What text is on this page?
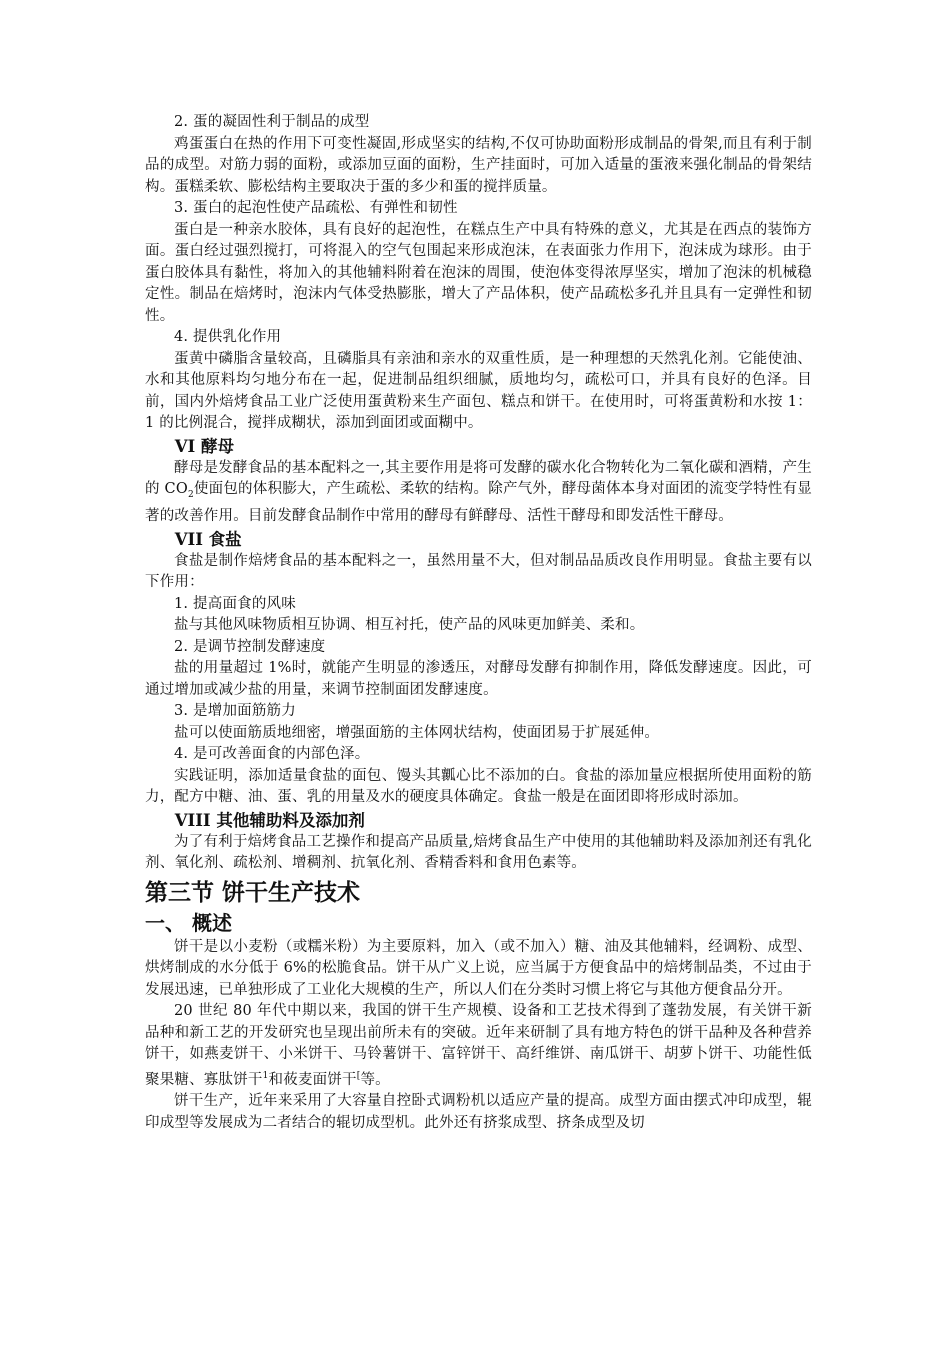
2. 蛋的凝固性利于制品的成型

鸡蛋蛋白在热的作用下可变性凝固,形成坚实的结构,不仅可协助面粉形成制品的骨架,而且有利于制品的成型。对筋力弱的面粉，或添加豆面的面粉，生产挂面时，可加入适量的蛋液来强化制品的骨架结构。蛋糕柔软、膨松结构主要取决于蛋的多少和蛋的搅拌质量。

3. 蛋白的起泡性使产品疏松、有弹性和韧性

蛋白是一种亲水胶体，具有良好的起泡性，在糕点生产中具有特殊的意义，尤其是在西点的装饰方面。蛋白经过强烈搅打，可将混入的空气包围起来形成泡沫，在表面张力作用下，泡沫成为球形。由于蛋白胶体具有黏性，将加入的其他辅料附着在泡沫的周围，使泡体变得浓厚坚实，增加了泡沫的机械稳定性。制品在焙烤时，泡沫内气体受热膨胀，增大了产品体积，使产品疏松多孔并且具有一定弹性和韧性。

4. 提供乳化作用

蛋黄中磷脂含量较高，且磷脂具有亲油和亲水的双重性质，是一种理想的天然乳化剂。它能使油、水和其他原料均匀地分布在一起，促进制品组织细腻，质地均匀，疏松可口，并具有良好的色泽。目前，国内外焙烤食品工业广泛使用蛋黄粉来生产面包、糕点和饼干。在使用时，可将蛋黄粉和水按 1：1 的比例混合，搅拌成糊状，添加到面团或面糊中。

VI 酵母

酵母是发酵食品的基本配料之一,其主要作用是将可发酵的碳水化合物转化为二氧化碳和酒精，产生的 $CO_2$使面包的体积膨大，产生疏松、柔软的结构。除产气外，酵母菌体本身对面团的流变学特性有显著的改善作用。目前发酵食品制作中常用的酵母有鲜酵母、活性干酵母和即发活性干酵母。

VII 食盐

食盐是制作焙烤食品的基本配料之一，虽然用量不大，但对制品品质改良作用明显。食盐主要有以下作用：

1. 提高面食的风味

盐与其他风味物质相互协调、相互衬托，使产品的风味更加鲜美、柔和。

2. 是调节控制发酵速度

盐的用量超过 1%时，就能产生明显的渗透压，对酵母发酵有抑制作用，降低发酵速度。因此，可通过增加或减少盐的用量，来调节控制面团发酵速度。

3. 是增加面筋筋力

盐可以使面筋质地细密，增强面筋的主体网状结构，使面团易于扩展延伸。

4. 是可改善面食的内部色泽。

实践证明，添加适量食盐的面包、馒头其瓤心比不添加的白。食盐的添加量应根据所使用面粉的筋力，配方中糖、油、蛋、乳的用量及水的硬度具体确定。食盐一般是在面团即将形成时添加。

VIII 其他辅助料及添加剂

为了有利于焙烤食品工艺操作和提高产品质量,焙烤食品生产中使用的其他辅助料及添加剂还有乳化剂、氧化剂、疏松剂、增稠剂、抗氧化剂、香精香料和食用色素等。

第三节 饼干生产技术

一、 概述

饼干是以小麦粉（或糯米粉）为主要原料，加入（或不加入）糖、油及其他辅料，经调粉、成型、烘烤制成的水分低于 6%的松脆食品。饼干从广义上说，应当属于方便食品中的焙烤制品类，不过由于发展迅速，已单独形成了工业化大规模的生产，所以人们在分类时习惯上将它与其他方便食品分开。

20 世纪 80 年代中期以来，我国的饼干生产规模、设备和工艺技术得到了蓬勃发展，有关饼干新品种和新工艺的开发研究也呈现出前所未有的突破。近年来研制了具有地方特色的饼干品种及各种营养饼干，如燕麦饼干、小米饼干、马铃薯饼干、富锌饼干、高纤维饼、南瓜饼干、胡萝卜饼干、功能性低聚果糖、寡肽饼干$^1$和莜麦面饼干[等。

饼干生产，近年来采用了大容量自控卧式调粉机以适应产量的提高。成型方面由摆式冲印成型，辊印成型等发展成为二者结合的辊切成型机。此外还有挤浆成型、挤条成型及切
